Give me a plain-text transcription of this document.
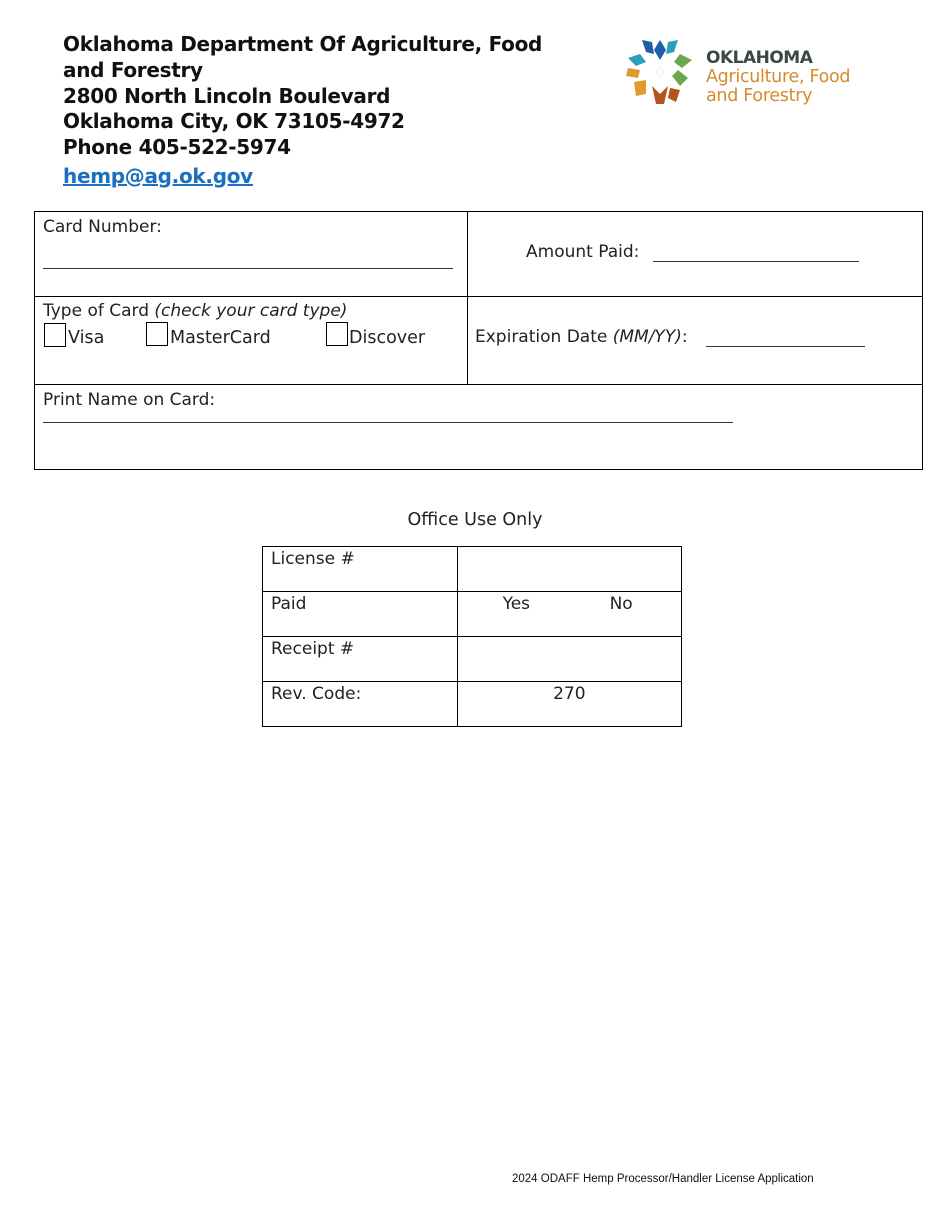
Oklahoma Department Of Agriculture, Food
and Forestry
2800 North Lincoln Boulevard
Oklahoma City, OK 73105-4972
Phone 405-522-5974
hemp@ag.ok.gov
OKLAHOMA
Agriculture, Food
and Forestry
Card Number:
Amount Paid:
Type of Card (check your card type)
Visa	MasterCard	Discover	Expiration Date (MM/YY):
Print Name on Card:
Office Use Only
License #	
Paid	Yes No

Receipt #	
Rev. Code:	270
2024 ODAFF Hemp Processor/Handler License Application
